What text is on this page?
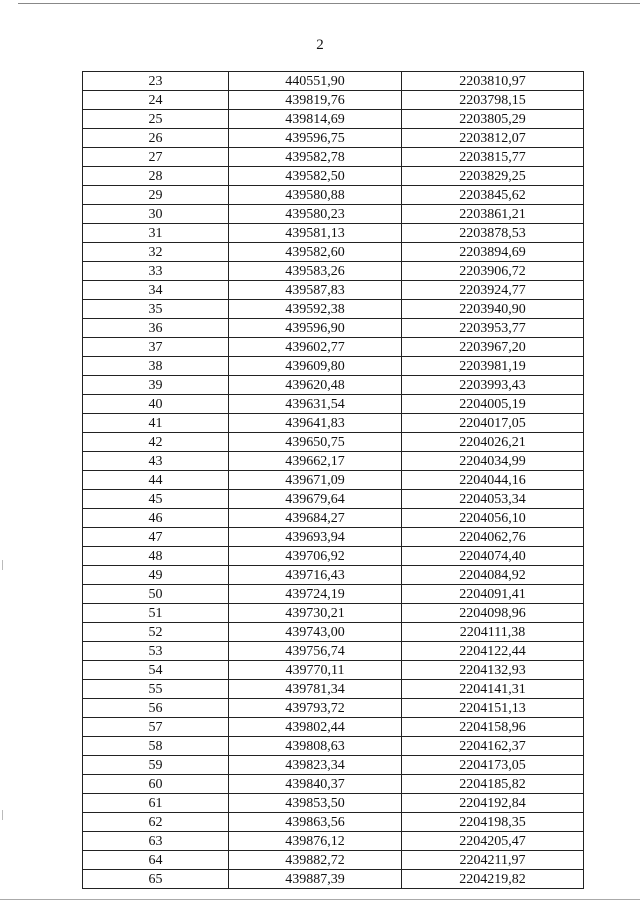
2
23	440551,90	2203810,97
24	439819,76	2203798,15
25	439814,69	2203805,29
26	439596,75	2203812,07
27	439582,78	2203815,77
28	439582,50	2203829,25
29	439580,88	2203845,62
30	439580,23	2203861,21
31	439581,13	2203878,53
32	439582,60	2203894,69
33	439583,26	2203906,72
34	439587,83	2203924,77
35	439592,38	2203940,90
36	439596,90	2203953,77
37	439602,77	2203967,20
38	439609,80	2203981,19
39	439620,48	2203993,43
40	439631,54	2204005,19
41	439641,83	2204017,05
42	439650,75	2204026,21
43	439662,17	2204034,99
44	439671,09	2204044,16
45	439679,64	2204053,34
46	439684,27	2204056,10
47	439693,94	2204062,76
48	439706,92	2204074,40
49	439716,43	2204084,92
50	439724,19	2204091,41
51	439730,21	2204098,96
52	439743,00	2204111,38
53	439756,74	2204122,44
54	439770,11	2204132,93
55	439781,34	2204141,31
56	439793,72	2204151,13
57	439802,44	2204158,96
58	439808,63	2204162,37
59	439823,34	2204173,05
60	439840,37	2204185,82
61	439853,50	2204192,84
62	439863,56	2204198,35
63	439876,12	2204205,47
64	439882,72	2204211,97
65	439887,39	2204219,82
